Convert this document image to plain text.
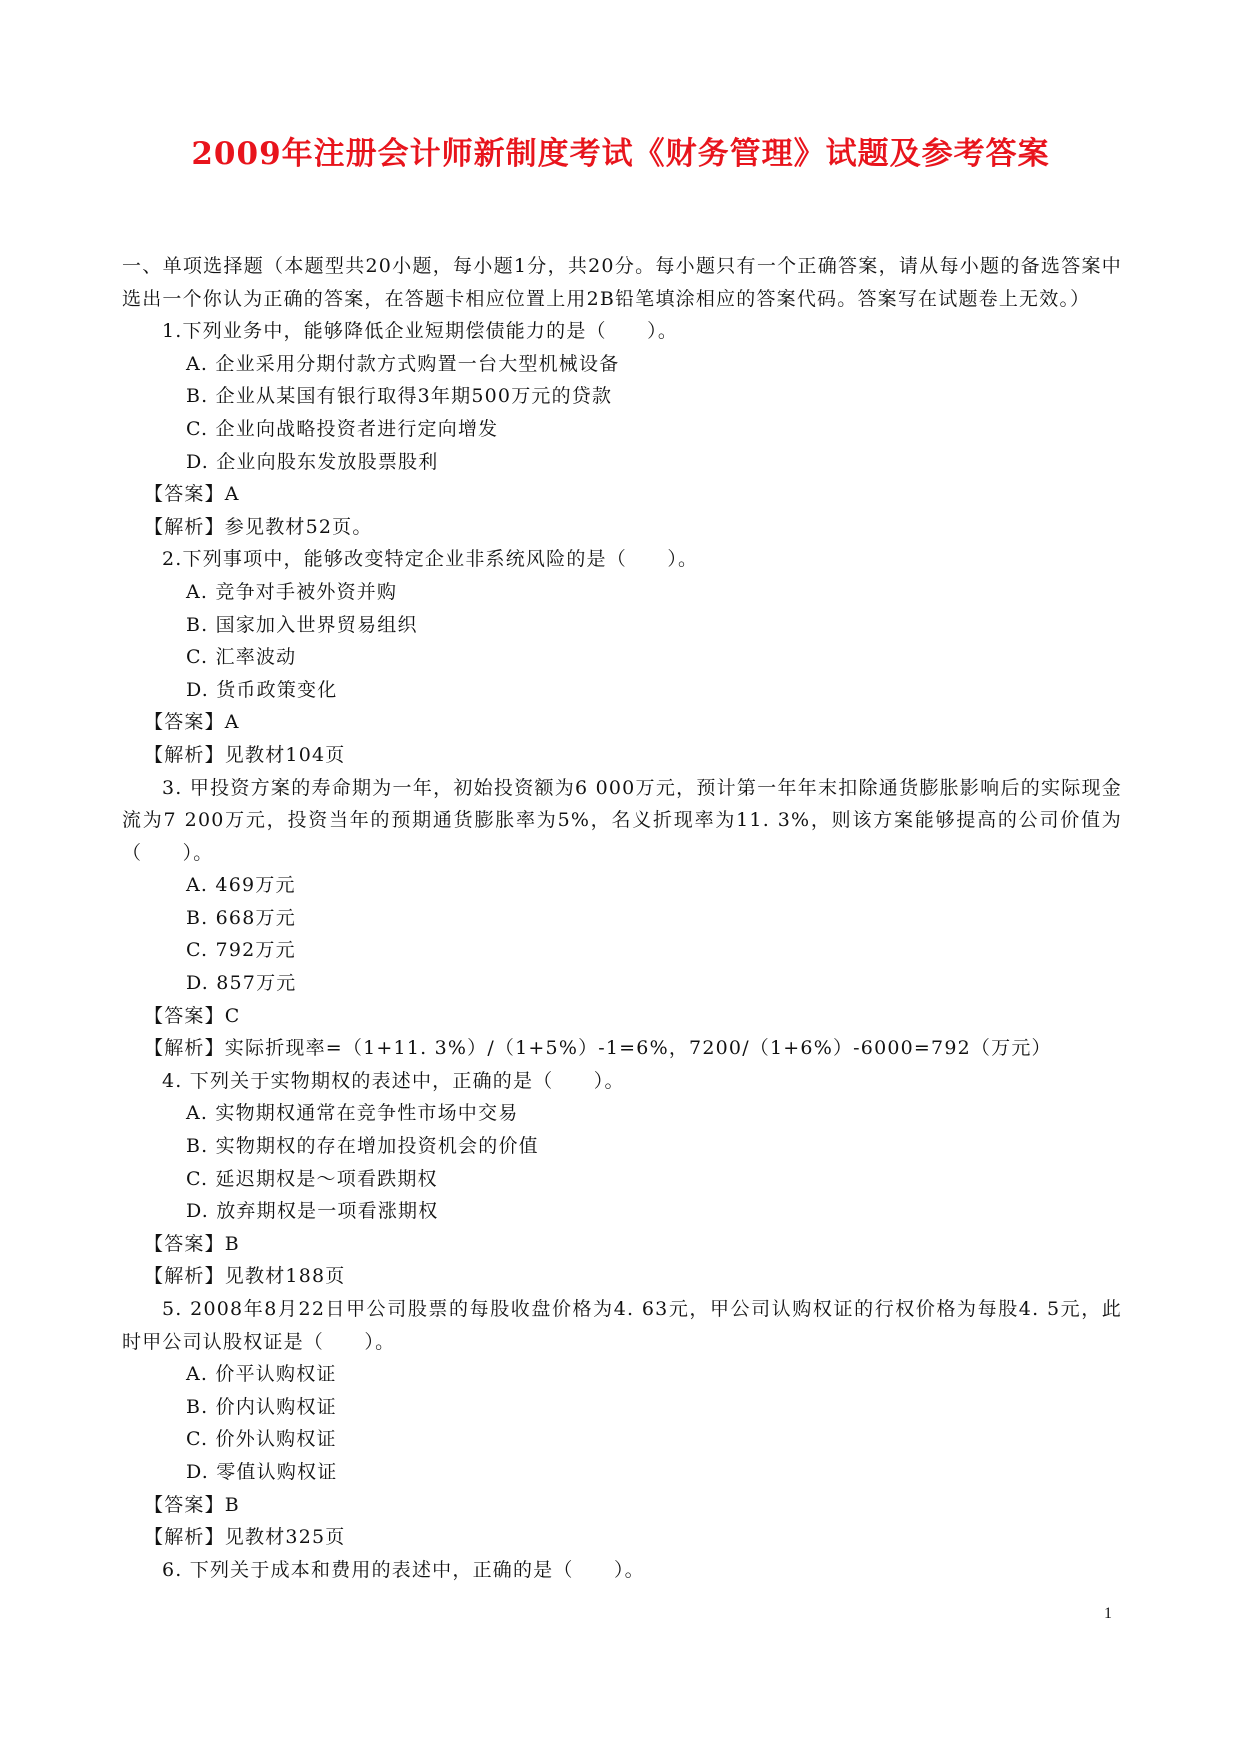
2009年注册会计师新制度考试《财务管理》试题及参考答案
一、单项选择题（本题型共20小题，每小题1分，共20分。每小题只有一个正确答案，请从每小题的备选答案中选出一个你认为正确的答案，在答题卡相应位置上用2B铅笔填涂相应的答案代码。答案写在试题卷上无效。）
1.下列业务中，能够降低企业短期偿债能力的是（　　）。
A. 企业采用分期付款方式购置一台大型机械设备
B. 企业从某国有银行取得3年期500万元的贷款
C. 企业向战略投资者进行定向增发
D. 企业向股东发放股票股利
【答案】A
【解析】参见教材52页。
2.下列事项中，能够改变特定企业非系统风险的是（　　）。
A. 竞争对手被外资并购
B. 国家加入世界贸易组织
C. 汇率波动
D. 货币政策变化
【答案】A
【解析】见教材104页
3. 甲投资方案的寿命期为一年，初始投资额为6 000万元，预计第一年年末扣除通货膨胀影响后的实际现金流为7 200万元，投资当年的预期通货膨胀率为5%，名义折现率为11. 3%，则该方案能够提高的公司价值为（　　）。
A. 469万元
B. 668万元
C. 792万元
D. 857万元
【答案】C
【解析】实际折现率=（1+11. 3%）/（1+5%）-1=6%，7200/（1+6%）-6000=792（万元）
4. 下列关于实物期权的表述中，正确的是（　　）。
A. 实物期权通常在竞争性市场中交易
B. 实物期权的存在增加投资机会的价值
C. 延迟期权是～项看跌期权
D. 放弃期权是一项看涨期权
【答案】B
【解析】见教材188页
5. 2008年8月22日甲公司股票的每股收盘价格为4. 63元，甲公司认购权证的行权价格为每股4. 5元，此时甲公司认股权证是（　　）。
A. 价平认购权证
B. 价内认购权证
C. 价外认购权证
D. 零值认购权证
【答案】B
【解析】见教材325页
6. 下列关于成本和费用的表述中，正确的是（　　）。
1
